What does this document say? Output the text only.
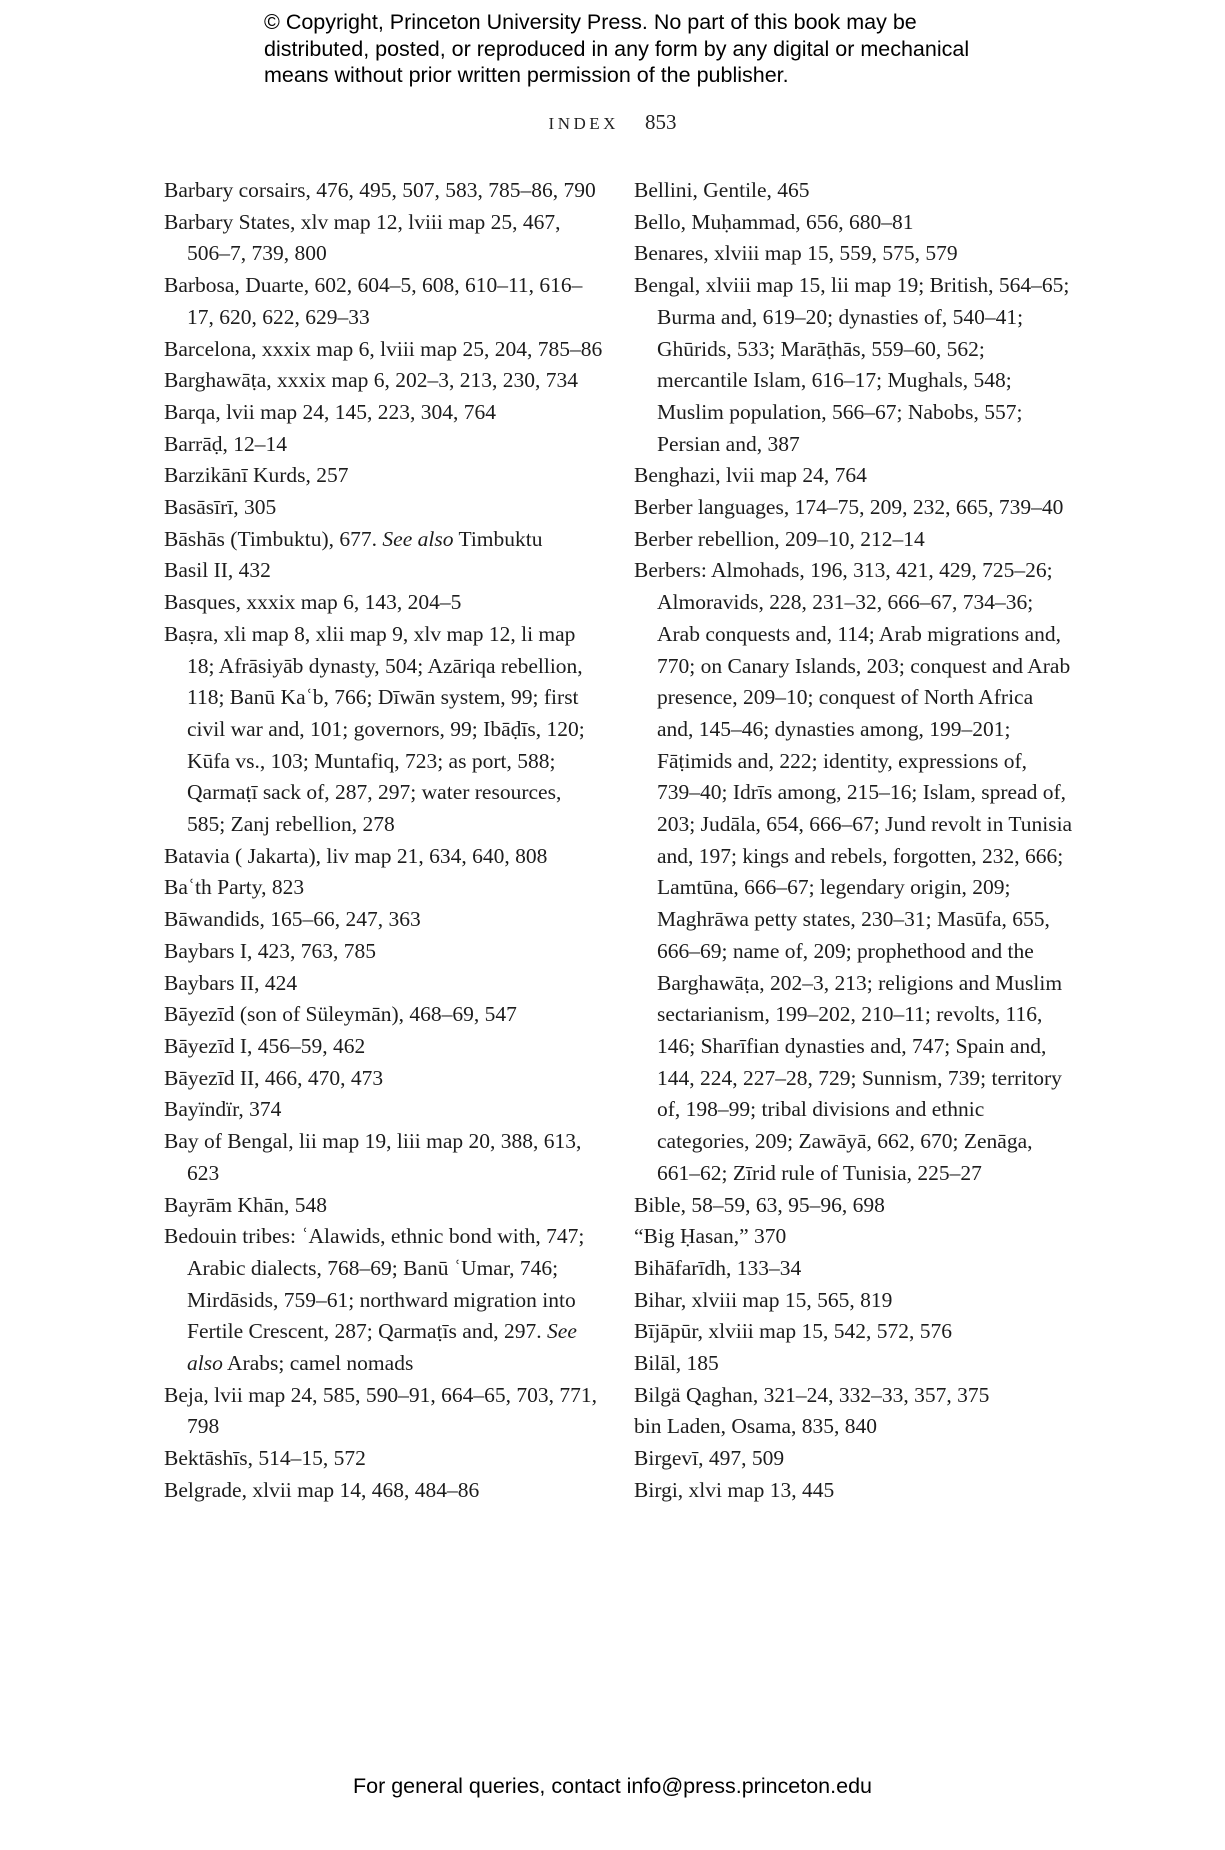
© Copyright, Princeton University Press. No part of this book may be
distributed, posted, or reproduced in any form by any digital or mechanical
means without prior written permission of the publisher.
INDEX 853

Barbary corsairs, 476, 495, 507, 583, 785–86, 790

Barbary States, xlv map 12, lviii map 25, 467, 506–7, 739, 800

Barbosa, Duarte, 602, 604–5, 608, 610–11, 616–17, 620, 622, 629–33

Barcelona, xxxix map 6, lviii map 25, 204, 785–86

Barghawāṭa, xxxix map 6, 202–3, 213, 230, 734

Barqa, lvii map 24, 145, 223, 304, 764

Barrāḍ, 12–14

Barzikānī Kurds, 257

Basāsīrī, 305

Bāshās (Timbuktu), 677. See also Timbuktu

Basil II, 432

Basques, xxxix map 6, 143, 204–5

Baṣra, xli map 8, xlii map 9, xlv map 12, li map 18; Afrāsiyāb dynasty, 504; Azāriqa rebellion, 118; Banū Kaʿb, 766; Dīwān system, 99; first civil war and, 101; governors, 99; Ibāḍīs, 120; Kūfa vs., 103; Muntafiq, 723; as port, 588; Qarmaṭī sack of, 287, 297; water resources, 585; Zanj rebellion, 278

Batavia ( Jakarta), liv map 21, 634, 640, 808

Baʿth Party, 823

Bāwandids, 165–66, 247, 363

Baybars I, 423, 763, 785

Baybars II, 424

Bāyezīd (son of Süleymān), 468–69, 547

Bāyezīd I, 456–59, 462

Bāyezīd II, 466, 470, 473

Bayïndïr, 374

Bay of Bengal, lii map 19, liii map 20, 388, 613, 623

Bayrām Khān, 548

Bedouin tribes: ʿAlawids, ethnic bond with, 747; Arabic dialects, 768–69; Banū ʿUmar, 746; Mirdāsids, 759–61; northward migration into Fertile Crescent, 287; Qarmaṭīs and, 297. See also Arabs; camel nomads

Beja, lvii map 24, 585, 590–91, 664–65, 703, 771, 798

Bektāshīs, 514–15, 572

Belgrade, xlvii map 14, 468, 484–86

Bellini, Gentile, 465

Bello, Muḥammad, 656, 680–81

Benares, xlviii map 15, 559, 575, 579

Bengal, xlviii map 15, lii map 19; British, 564–65; Burma and, 619–20; dynasties of, 540–41; Ghūrids, 533; Marāṭhās, 559–60, 562; mercantile Islam, 616–17; Mughals, 548; Muslim population, 566–67; Nabobs, 557; Persian and, 387

Benghazi, lvii map 24, 764

Berber languages, 174–75, 209, 232, 665, 739–40

Berber rebellion, 209–10, 212–14

Berbers: Almohads, 196, 313, 421, 429, 725–26; Almoravids, 228, 231–32, 666–67, 734–36; Arab conquests and, 114; Arab migrations and, 770; on Canary Islands, 203; conquest and Arab presence, 209–10; conquest of North Africa and, 145–46; dynasties among, 199–201; Fāṭimids and, 222; identity, expressions of, 739–40; Idrīs among, 215–16; Islam, spread of, 203; Judāla, 654, 666–67; Jund revolt in Tunisia and, 197; kings and rebels, forgotten, 232, 666; Lamtūna, 666–67; legendary origin, 209; Maghrāwa petty states, 230–31; Masūfa, 655, 666–69; name of, 209; prophethood and the Barghawāṭa, 202–3, 213; religions and Muslim sectarianism, 199–202, 210–11; revolts, 116, 146; Sharīfian dynasties and, 747; Spain and, 144, 224, 227–28, 729; Sunnism, 739; territory of, 198–99; tribal divisions and ethnic categories, 209; Zawāyā, 662, 670; Zenāga, 661–62; Zīrid rule of Tunisia, 225–27

Bible, 58–59, 63, 95–96, 698

“Big Ḥasan,” 370

Bihāfarīdh, 133–34

Bihar, xlviii map 15, 565, 819

Bījāpūr, xlviii map 15, 542, 572, 576

Bilāl, 185

Bilgä Qaghan, 321–24, 332–33, 357, 375

bin Laden, Osama, 835, 840

Birgevī, 497, 509

Birgi, xlvi map 13, 445

For general queries, contact info@press.princeton.edu
